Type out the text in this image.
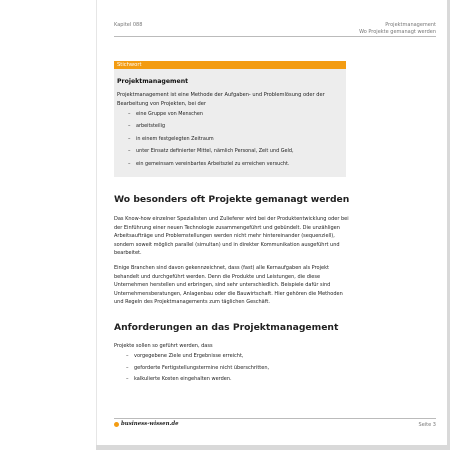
Kapitel 088	Projektmanagement
Wo Projekte gemanagt werden
Stichwort
Projektmanagement
Projektmanagement ist eine Methode der Aufgaben- und Problemlösung oder der Bearbeitung von Projekten, bei der
– eine Gruppe von Menschen
– arbeitsteilig
– in einem festgelegten Zeitraum
– unter Einsatz definierter Mittel, nämlich Personal, Zeit und Geld,
– ein gemeinsam vereinbartes Arbeitsziel zu erreichen versucht.
Wo besonders oft Projekte gemanagt werden
Das Know-how einzelner Spezialisten und Zulieferer wird bei der Produktentwicklung oder bei der Einführung einer neuen Technologie zusammengeführt und gebündelt. Die unzähligen Arbeitsaufträge und Problemstellungen werden nicht mehr hintereinander (sequenziell), sondern soweit möglich parallel (simultan) und in direkter Kommunikation ausgeführt und bearbeitet.
Einige Branchen sind davon gekennzeichnet, dass (fast) alle Kernaufgaben als Projekt behandelt und durchgeführt werden. Denn die Produkte und Leistungen, die diese Unternehmen herstellen und erbringen, sind sehr unterschiedlich. Beispiele dafür sind Unternehmensberatungen, Anlagenbau oder die Bauwirtschaft. Hier gehören die Methoden und Regeln des Projektmanagements zum täglichen Geschäft.
Anforderungen an das Projektmanagement
Projekte sollen so geführt werden, dass
– vorgegebene Ziele und Ergebnisse erreicht,
– geforderte Fertigstellungstermine nicht überschritten,
– kalkulierte Kosten eingehalten werden.
business-wissen.de	Seite 3
